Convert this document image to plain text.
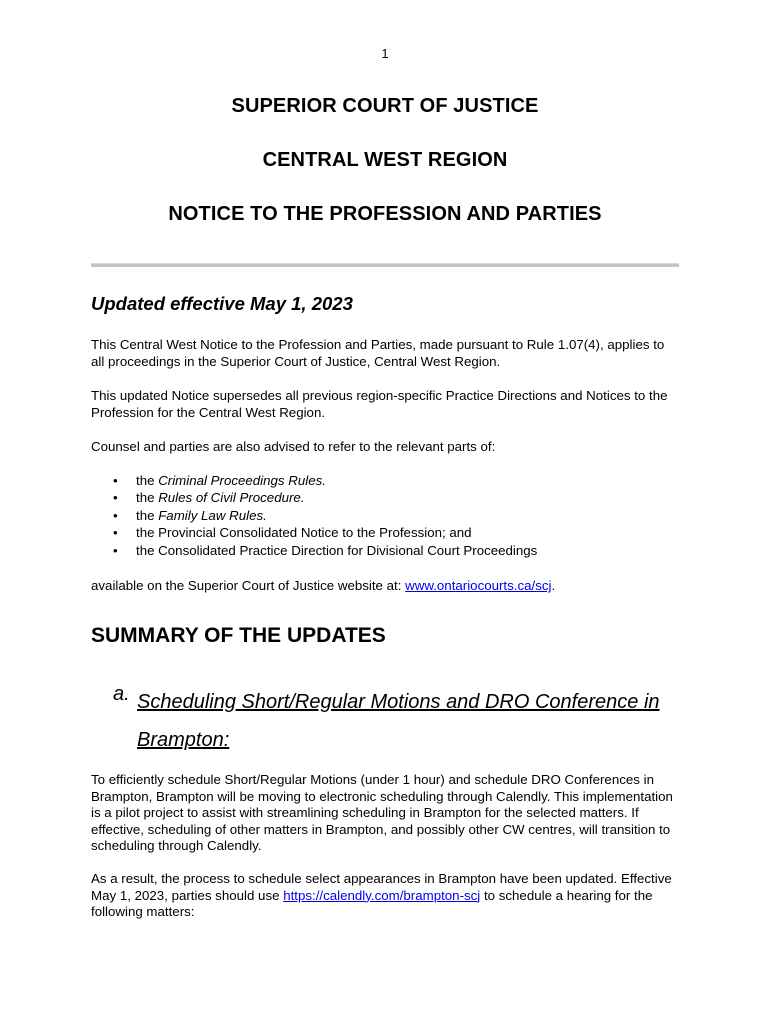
1
SUPERIOR COURT OF JUSTICE
CENTRAL WEST REGION
NOTICE TO THE PROFESSION AND PARTIES
Updated effective May 1, 2023
This Central West Notice to the Profession and Parties, made pursuant to Rule 1.07(4), applies to all proceedings in the Superior Court of Justice, Central West Region.
This updated Notice supersedes all previous region-specific Practice Directions and Notices to the Profession for the Central West Region.
Counsel and parties are also advised to refer to the relevant parts of:
• the Criminal Proceedings Rules.
• the Rules of Civil Procedure.
• the Family Law Rules.
• the Provincial Consolidated Notice to the Profession; and
• the Consolidated Practice Direction for Divisional Court Proceedings
available on the Superior Court of Justice website at: www.ontariocourts.ca/scj.
SUMMARY OF THE UPDATES
a. Scheduling Short/Regular Motions and DRO Conference in Brampton:
To efficiently schedule Short/Regular Motions (under 1 hour) and schedule DRO Conferences in Brampton, Brampton will be moving to electronic scheduling through Calendly. This implementation is a pilot project to assist with streamlining scheduling in Brampton for the selected matters. If effective, scheduling of other matters in Brampton, and possibly other CW centres, will transition to scheduling through Calendly.
As a result, the process to schedule select appearances in Brampton have been updated. Effective May 1, 2023, parties should use https://calendly.com/brampton-scj to schedule a hearing for the following matters:
